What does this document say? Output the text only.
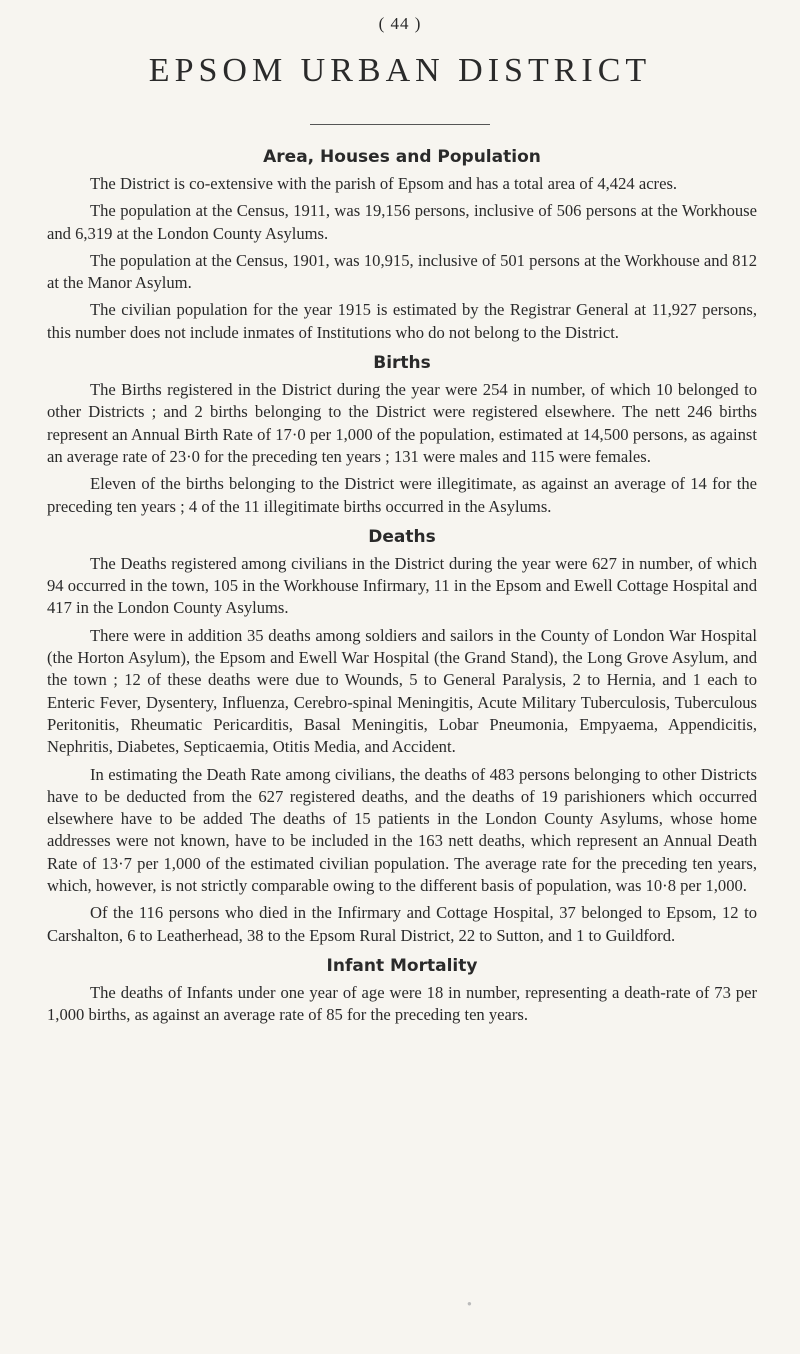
( 44 )
EPSOM URBAN DISTRICT
Area, Houses and Population

The District is co-extensive with the parish of Epsom and has a total area of 4,424 acres.

The population at the Census, 1911, was 19,156 persons, inclusive of 506 persons at the Workhouse and 6,319 at the London County Asylums.

The population at the Census, 1901, was 10,915, inclusive of 501 persons at the Workhouse and 812 at the Manor Asylum.

The civilian population for the year 1915 is estimated by the Registrar General at 11,927 persons, this number does not include inmates of Institutions who do not belong to the District.

Births

The Births registered in the District during the year were 254 in number, of which 10 belonged to other Districts ; and 2 births belonging to the District were registered elsewhere. The nett 246 births represent an Annual Birth Rate of 17·0 per 1,000 of the population, estimated at 14,500 persons, as against an average rate of 23·0 for the preceding ten years ; 131 were males and 115 were females.

Eleven of the births belonging to the District were illegitimate, as against an average of 14 for the preceding ten years ; 4 of the 11 illegitimate births occurred in the Asylums.

Deaths

The Deaths registered among civilians in the District during the year were 627 in number, of which 94 occurred in the town, 105 in the Workhouse Infirmary, 11 in the Epsom and Ewell Cottage Hospital and 417 in the London County Asylums.

There were in addition 35 deaths among soldiers and sailors in the County of London War Hospital (the Horton Asylum), the Epsom and Ewell War Hospital (the Grand Stand), the Long Grove Asylum, and the town ; 12 of these deaths were due to Wounds, 5 to General Paralysis, 2 to Hernia, and 1 each to Enteric Fever, Dysentery, Influenza, Cerebro-spinal Meningitis, Acute Military Tuberculosis, Tuberculous Peritonitis, Rheumatic Pericarditis, Basal Meningitis, Lobar Pneumonia, Empyaema, Appendicitis, Nephritis, Diabetes, Septicaemia, Otitis Media, and Accident.

In estimating the Death Rate among civilians, the deaths of 483 persons belonging to other Districts have to be deducted from the 627 registered deaths, and the deaths of 19 parishioners which occurred elsewhere have to be added The deaths of 15 patients in the London County Asylums, whose home addresses were not known, have to be included in the 163 nett deaths, which represent an Annual Death Rate of 13·7 per 1,000 of the estimated civilian population. The average rate for the preceding ten years, which, however, is not strictly comparable owing to the different basis of population, was 10·8 per 1,000.

Of the 116 persons who died in the Infirmary and Cottage Hospital, 37 belonged to Epsom, 12 to Carshalton, 6 to Leatherhead, 38 to the Epsom Rural District, 22 to Sutton, and 1 to Guildford.

Infant Mortality

The deaths of Infants under one year of age were 18 in number, representing a death-rate of 73 per 1,000 births, as against an average rate of 85 for the preceding ten years.

●
